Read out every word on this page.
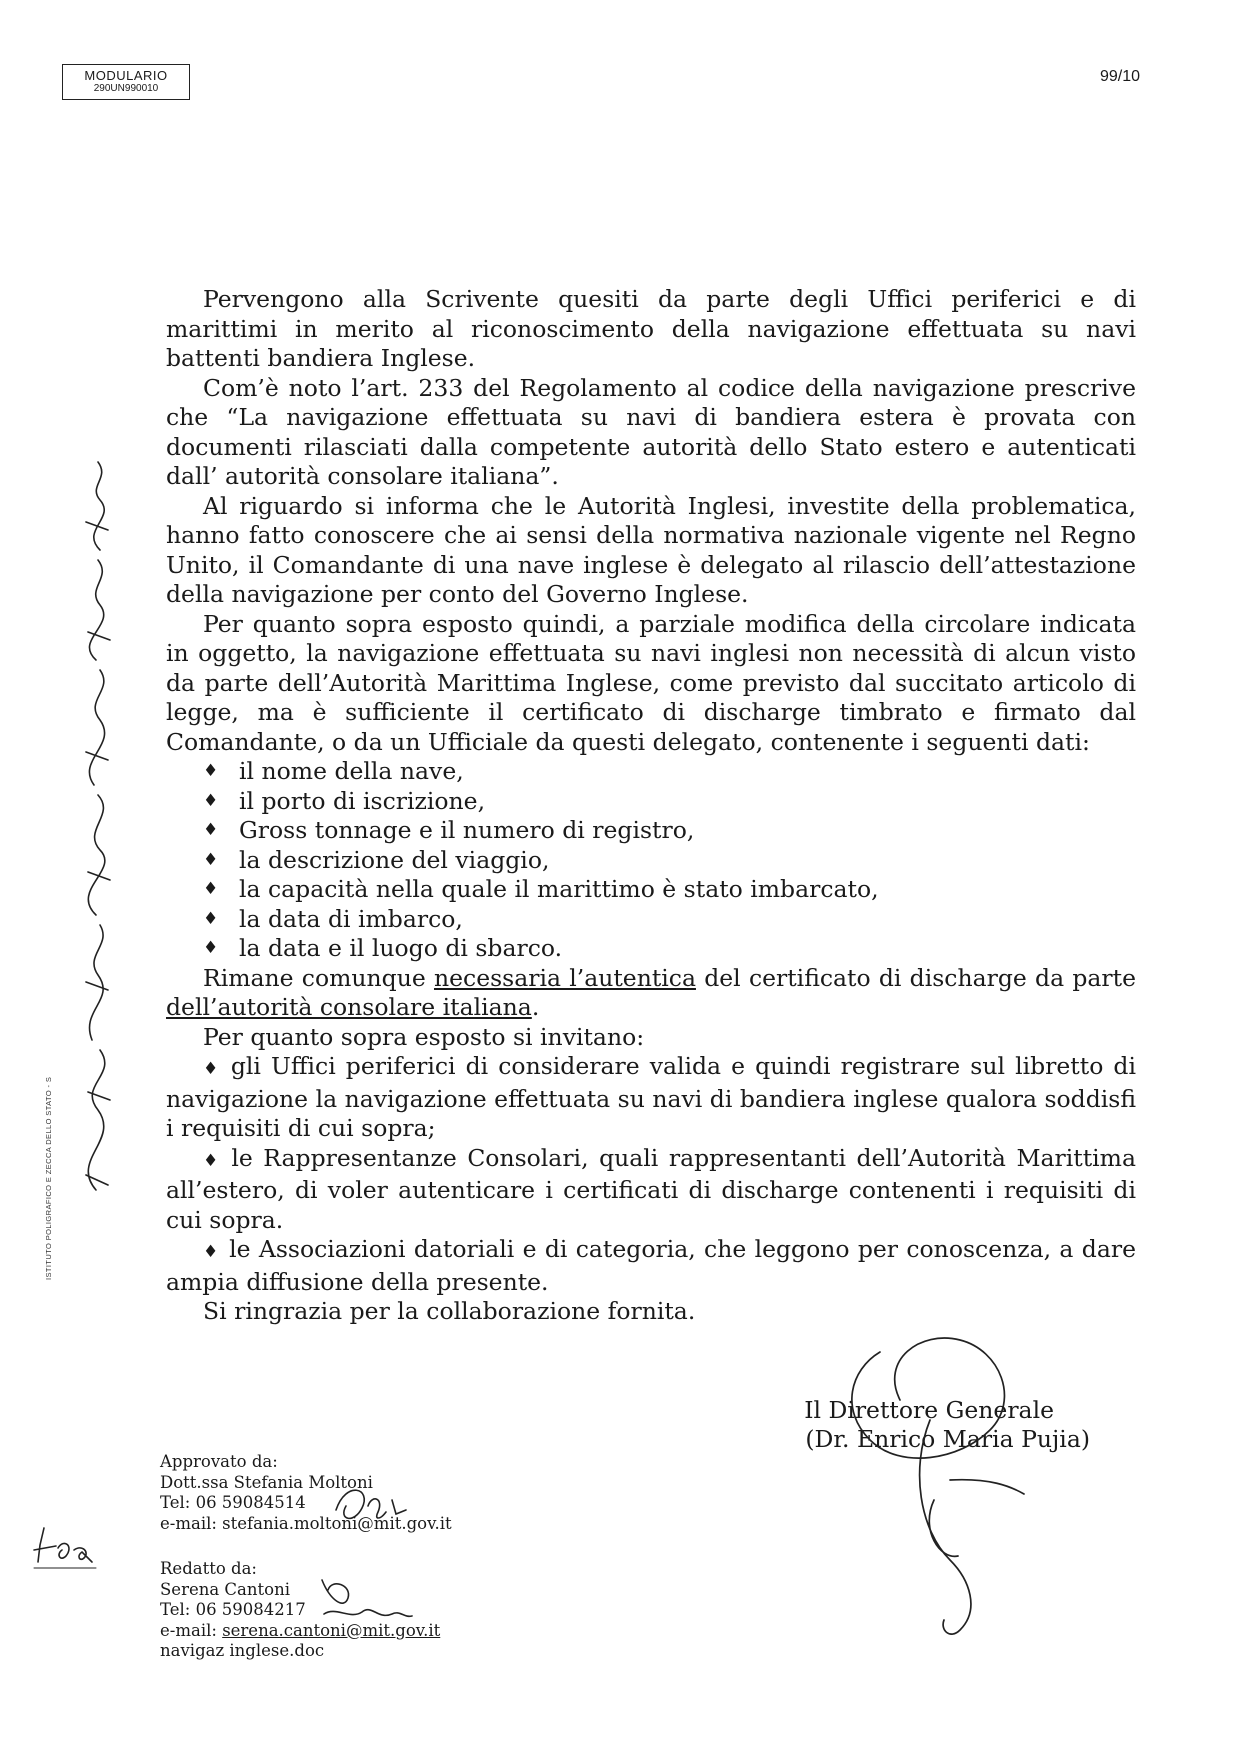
MODULARIO
290UN990010
99/10

Pervengono alla Scrivente quesiti da parte degli Uffici periferici e di marittimi in merito al riconoscimento della navigazione effettuata su navi battenti bandiera Inglese.

Com’è noto l’art. 233 del Regolamento al codice della navigazione prescrive che “La navigazione effettuata su navi di bandiera estera è provata con documenti rilasciati dalla competente autorità dello Stato estero e autenticati dall’ autorità consolare italiana”.

Al riguardo si informa che le Autorità Inglesi, investite della problematica, hanno fatto conoscere che ai sensi della normativa nazionale vigente nel Regno Unito, il Comandante di una nave inglese è delegato al rilascio dell’attestazione della navigazione per conto del Governo Inglese.

Per quanto sopra esposto quindi, a parziale modifica della circolare indicata in oggetto, la navigazione effettuata su navi inglesi non necessità di alcun visto da parte dell’Autorità Marittima Inglese, come previsto dal succitato articolo di legge, ma è sufficiente il certificato di discharge timbrato e firmato dal Comandante, o da un Ufficiale da questi delegato, contenente i seguenti dati:

♦ il nome della nave,
♦ il porto di iscrizione,
♦ Gross tonnage e il numero di registro,
♦ la descrizione del viaggio,
♦ la capacità nella quale il marittimo è stato imbarcato,
♦ la data di imbarco,
♦ la data e il luogo di sbarco.

Rimane comunque necessaria l’autentica del certificato di discharge da parte dell’autorità consolare italiana.

Per quanto sopra esposto si invitano:

♦ gli Uffici periferici di considerare valida e quindi registrare sul libretto di navigazione la navigazione effettuata su navi di bandiera inglese qualora soddisfi i requisiti di cui sopra;

♦ le Rappresentanze Consolari, quali rappresentanti dell’Autorità Marittima all’estero, di voler autenticare i certificati di discharge contenenti i requisiti di cui sopra.

♦ le Associazioni datoriali e di categoria, che leggono per conoscenza, a dare ampia diffusione della presente.

Si ringrazia per la collaborazione fornita.

Il Direttore Generale
(Dr. Enrico Maria Pujia)
Approvato da:
Dott.ssa Stefania Moltoni
Tel: 06 59084514
e-mail: stefania.moltoni@mit.gov.it
Redatto da:
Serena Cantoni
Tel: 06 59084217
e-mail: serena.cantoni@mit.gov.it
navigaz inglese.doc
ISTITUTO POLIGRAFICO E ZECCA DELLO STATO - S
